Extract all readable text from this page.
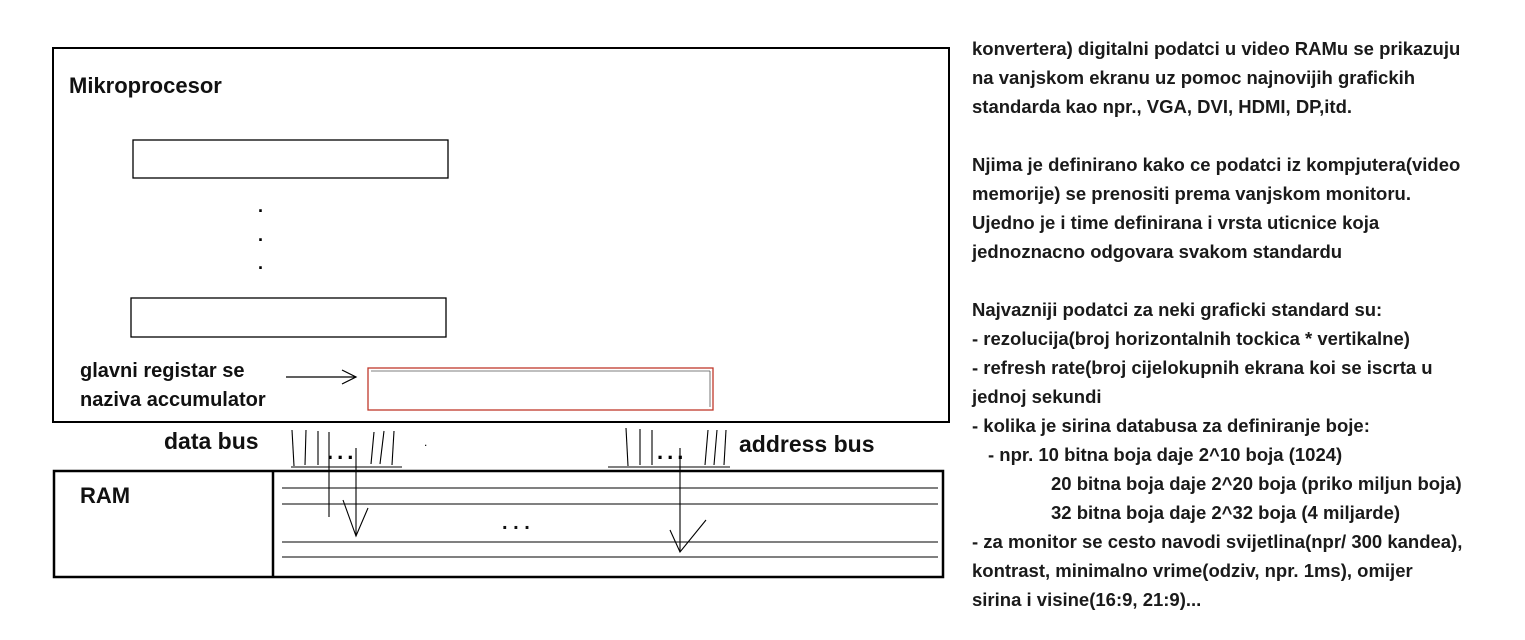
...	...
.
Mikroprocesor
.
.
.
glavni registar se
naziva accumulator
data bus	address bus
RAM
. . .
konvertera) digitalni podatci u video RAMu se prikazuju
na vanjskom ekranu uz pomoc najnovijih grafickih
standarda kao npr., VGA, DVI, HDMI, DP,itd.
Njima je definirano kako ce podatci iz kompjutera(video
memorije) se prenositi prema vanjskom monitoru.
Ujedno je i time definirana i vrsta uticnice koja
jednoznacno odgovara svakom standardu
Najvazniji podatci za neki graficki standard su:
- rezolucija(broj horizontalnih tockica * vertikalne)
- refresh rate(broj cijelokupnih ekrana koi se iscrta u
jednoj sekundi
- kolika je sirina databusa za definiranje boje:
- npr. 10 bitna boja daje 2^10 boja (1024)
20 bitna boja daje 2^20 boja (priko miljun boja)
32 bitna boja daje 2^32 boja (4 miljarde)
- za monitor se cesto navodi svijetlina(npr/ 300 kandea),
kontrast, minimalno vrime(odziv, npr. 1ms), omijer
sirina i visine(16:9, 21:9)...
